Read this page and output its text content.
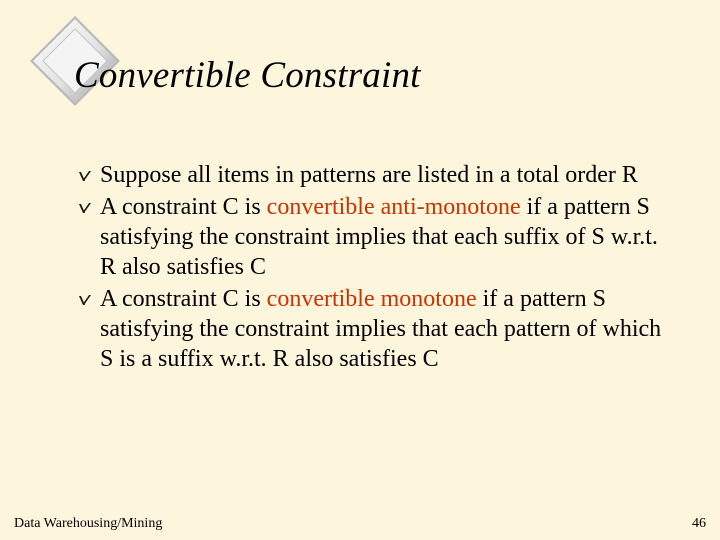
Convertible Constraint
Suppose all items in patterns are listed in a total order R
A constraint C is convertible anti-monotone if a pattern S satisfying the constraint implies that each suffix of S w.r.t. R also satisfies C
A constraint C is convertible monotone if a pattern S satisfying the constraint implies that each pattern of which S is a suffix w.r.t. R also satisfies C
Data Warehousing/Mining	46
